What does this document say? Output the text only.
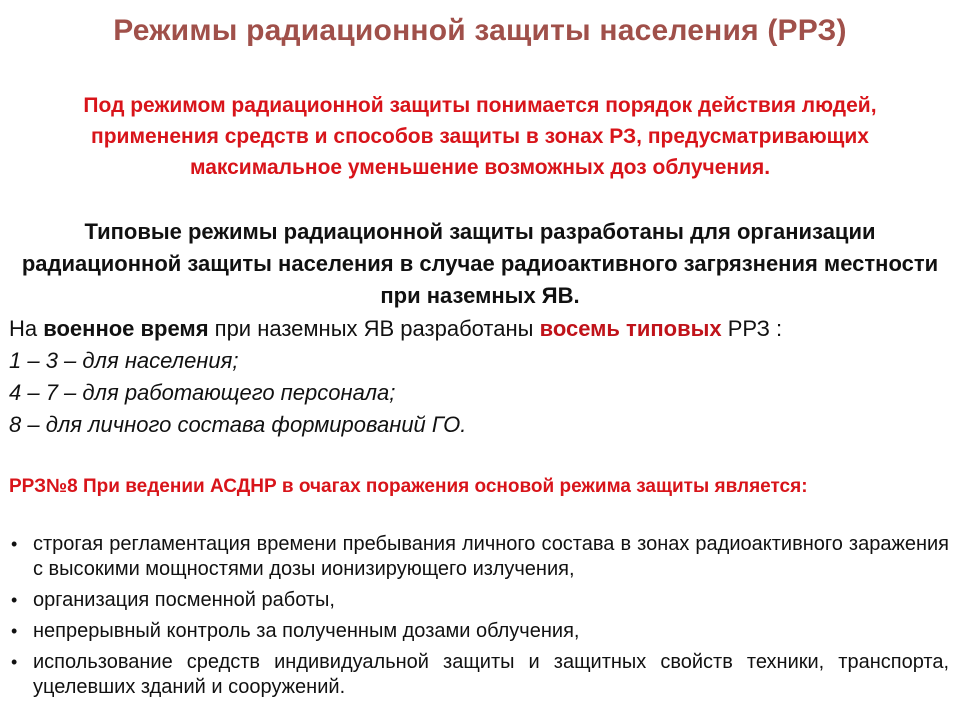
Режимы радиационной защиты населения (РРЗ)
Под режимом радиационной защиты понимается порядок действия людей, применения средств и способов защиты в зонах РЗ, предусматривающих максимальное уменьшение возможных доз облучения.
Типовые режимы радиационной защиты разработаны для организации радиационной защиты населения в случае радиоактивного загрязнения местности при наземных ЯВ.
На военное время при наземных ЯВ разработаны восемь типовых РРЗ :
1 – 3 – для населения;
4 – 7 – для работающего персонала;
8 – для личного состава формирований ГО.
РРЗ№8 При ведении АСДНР в очагах поражения основой режима защиты является:
• строгая регламентация времени пребывания личного состава в зонах радиоактивного заражения с высокими мощностями дозы ионизирующего излучения,
• организация посменной работы,
• непрерывный контроль за полученным дозами облучения,
• использование средств индивидуальной защиты и защитных свойств техники, транспорта, уцелевших зданий и сооружений.
